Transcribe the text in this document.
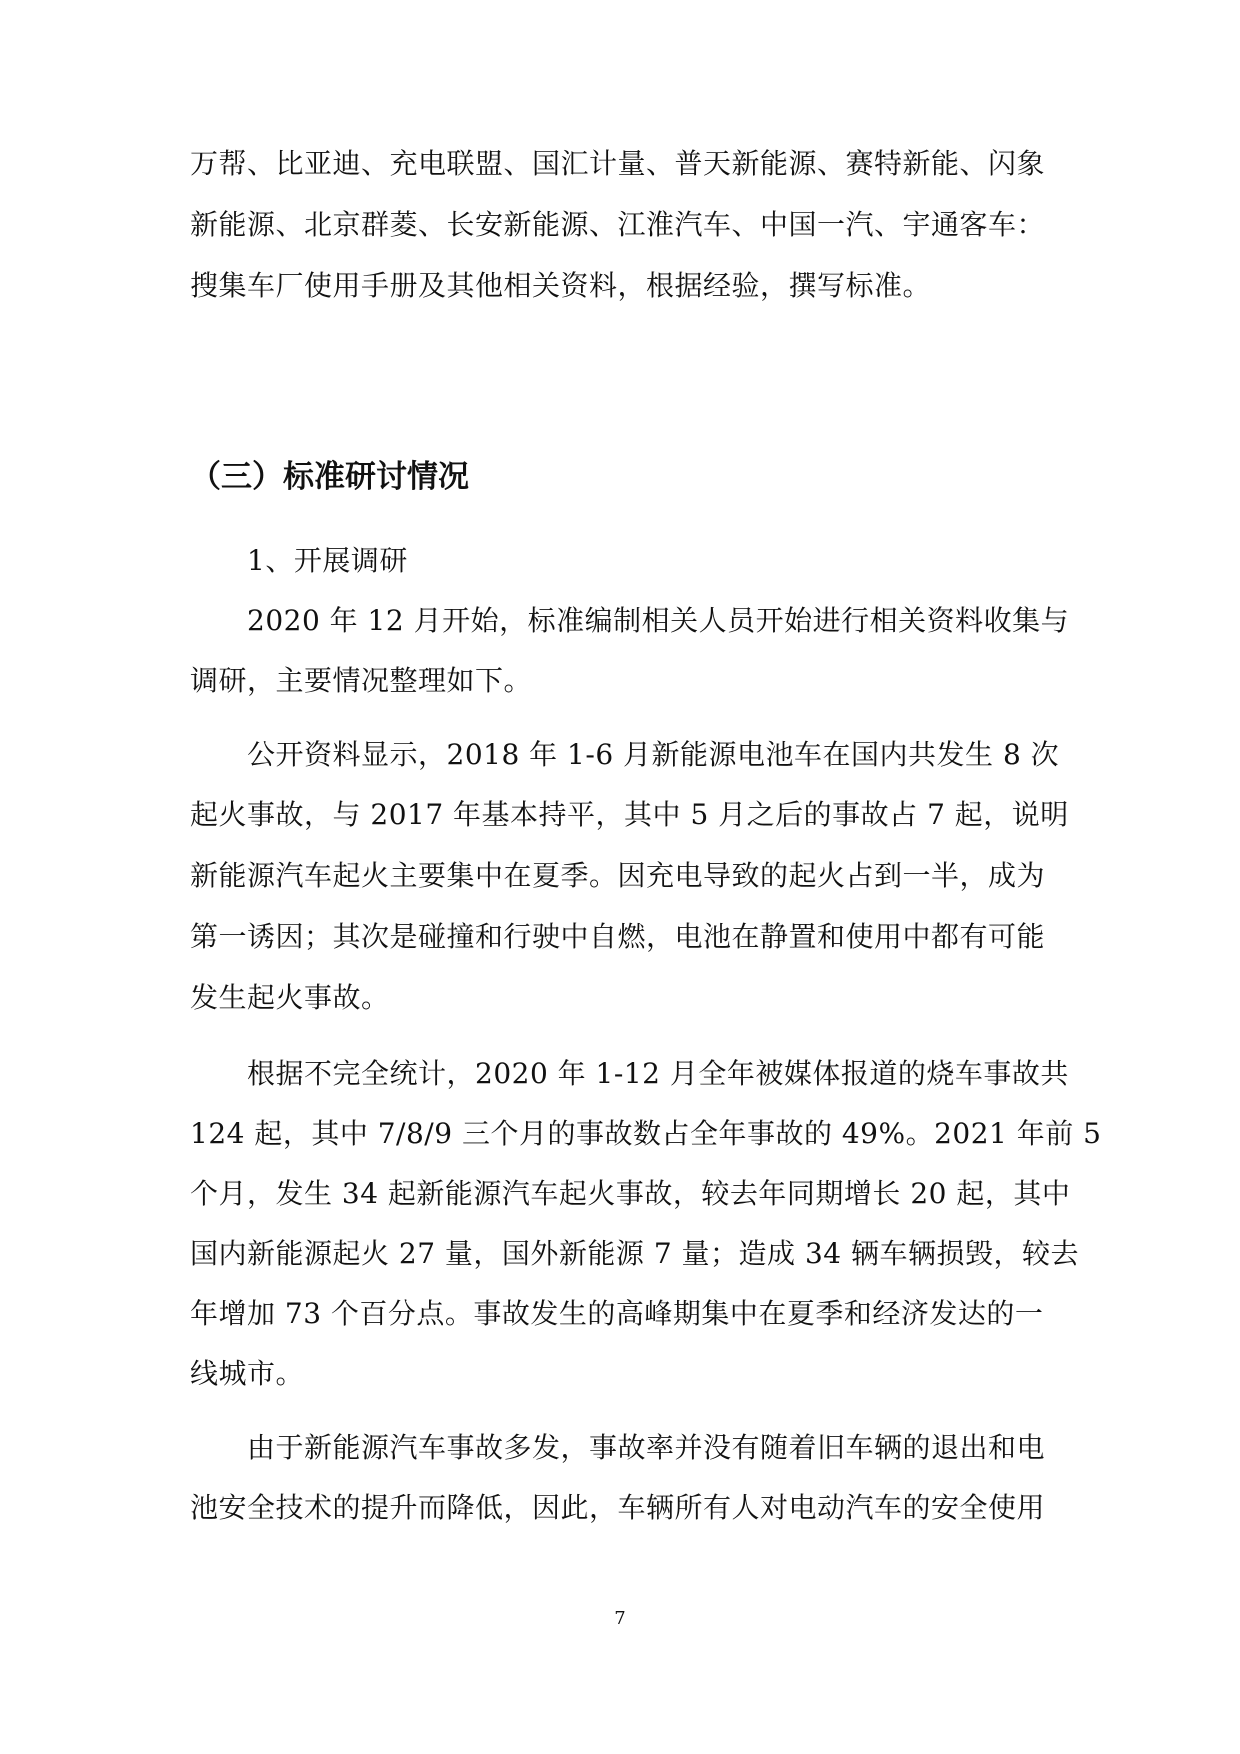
万帮、比亚迪、充电联盟、国汇计量、普天新能源、赛特新能、闪象
新能源、北京群菱、长安新能源、江淮汽车、中国一汽、宇通客车：
搜集车厂使用手册及其他相关资料，根据经验，撰写标准。
（三）标准研讨情况
1、开展调研
2020 年 12 月开始，标准编制相关人员开始进行相关资料收集与
调研，主要情况整理如下。
公开资料显示，2018 年 1-6 月新能源电池车在国内共发生 8 次
起火事故，与 2017 年基本持平，其中 5 月之后的事故占 7 起，说明
新能源汽车起火主要集中在夏季。因充电导致的起火占到一半，成为
第一诱因；其次是碰撞和行驶中自燃，电池在静置和使用中都有可能
发生起火事故。
根据不完全统计，2020 年 1-12 月全年被媒体报道的烧车事故共
124 起，其中 7/8/9 三个月的事故数占全年事故的 49%。2021 年前 5
个月，发生 34 起新能源汽车起火事故，较去年同期增长 20 起，其中
国内新能源起火 27 量，国外新能源 7 量；造成 34 辆车辆损毁，较去
年增加 73 个百分点。事故发生的高峰期集中在夏季和经济发达的一
线城市。
由于新能源汽车事故多发，事故率并没有随着旧车辆的退出和电
池安全技术的提升而降低，因此，车辆所有人对电动汽车的安全使用
7
